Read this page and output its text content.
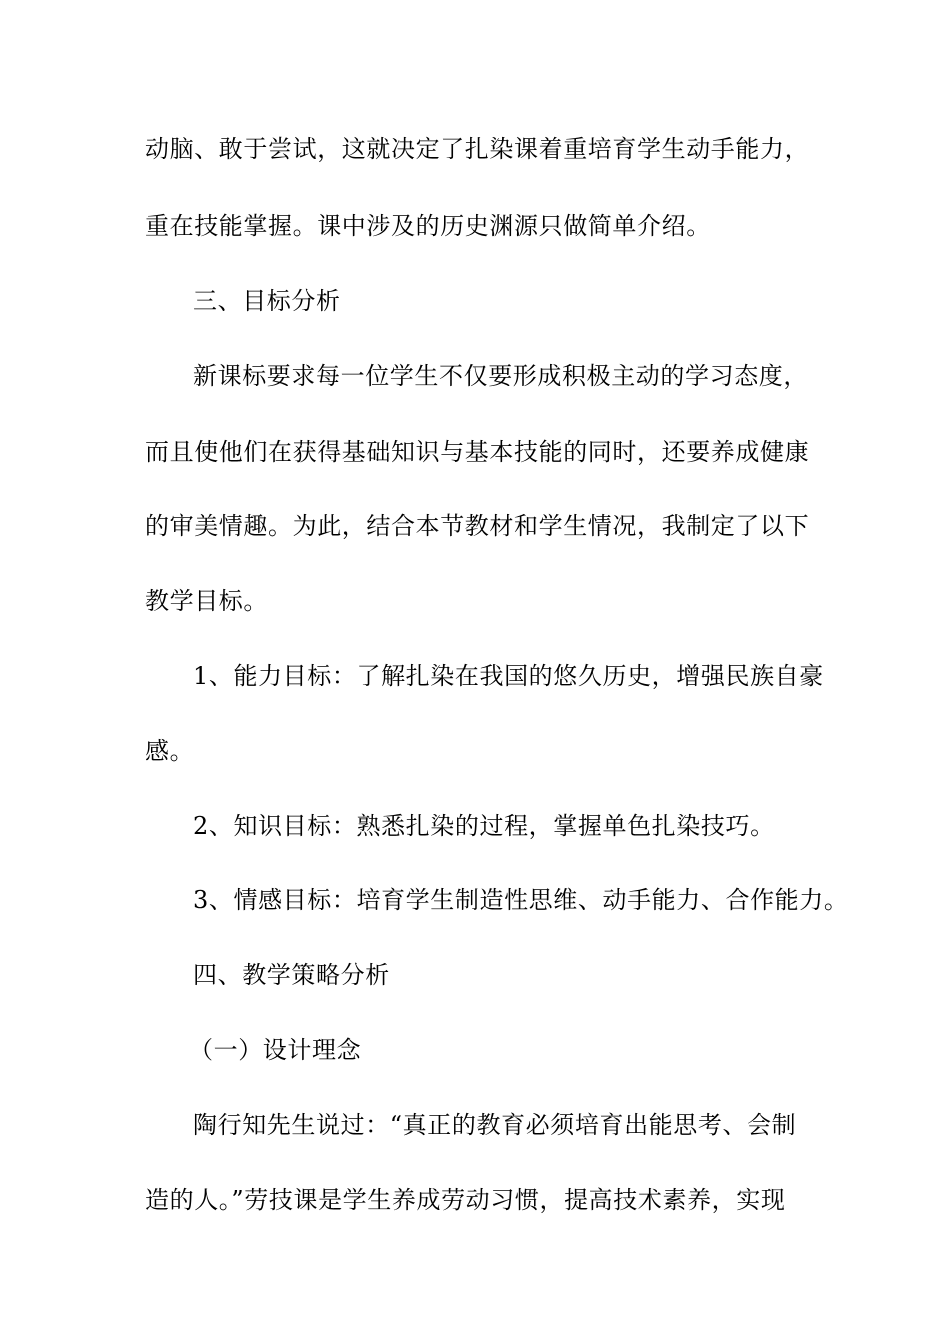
动脑、敢于尝试，这就决定了扎染课着重培育学生动手能力，
重在技能掌握。课中涉及的历史渊源只做简单介绍。
三、目标分析
新课标要求每一位学生不仅要形成积极主动的学习态度，
而且使他们在获得基础知识与基本技能的同时，还要养成健康
的审美情趣。为此，结合本节教材和学生情况，我制定了以下
教学目标。
1、能力目标：了解扎染在我国的悠久历史，增强民族自豪
感。
2、知识目标：熟悉扎染的过程，掌握单色扎染技巧。
3、情感目标：培育学生制造性思维、动手能力、合作能力。
四、教学策略分析
（一）设计理念
陶行知先生说过：“真正的教育必须培育出能思考、会制
造的人。”劳技课是学生养成劳动习惯，提高技术素养，实现
